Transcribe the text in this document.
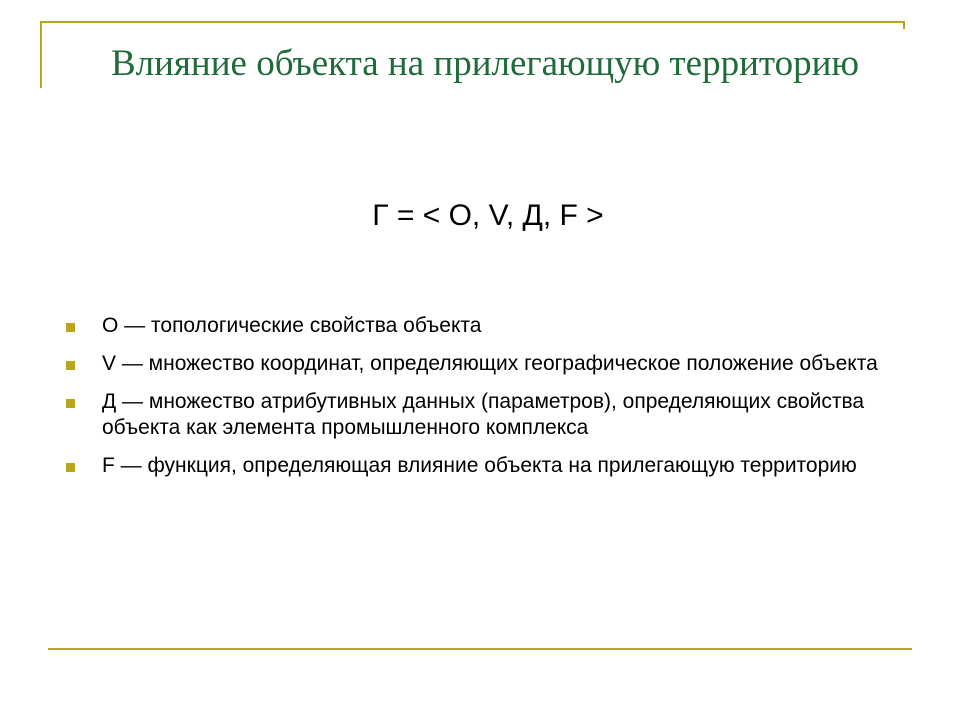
Влияние объекта на прилегающую территорию
Г = < O, V, Д, F >
O — топологические свойства объекта
V — множество координат, определяющих географическое положение объекта
Д — множество атрибутивных данных (параметров), определяющих свойства объекта как элемента промышленного комплекса
F — функция, определяющая влияние объекта на прилегающую территорию
